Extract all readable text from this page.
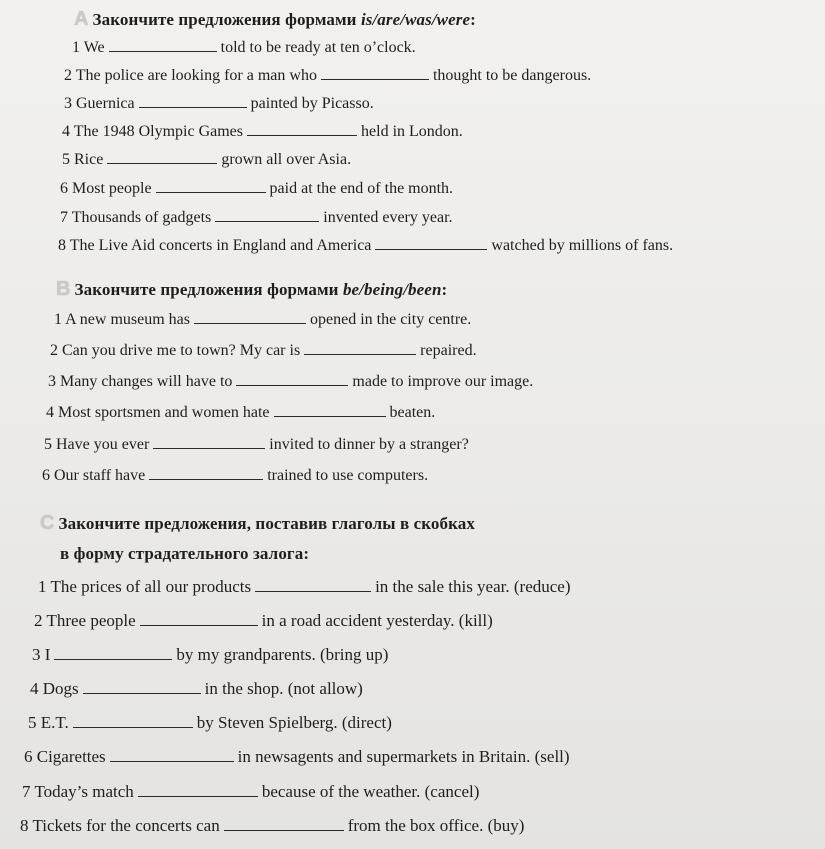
A Закончите предложения формами is/are/was/were:
1 We	told to be ready at ten o’clock.
2 The police are looking for a man who	thought to be dangerous.
3 Guernica	painted by Picasso.
4 The 1948 Olympic Games	held in London.
5 Rice	grown all over Asia.
6 Most people	paid at the end of the month.
7 Thousands of gadgets	invented every year.
8 The Live Aid concerts in England and America	watched by millions of fans.
B Закончите предложения формами be/being/been:
1 A new museum has	opened in the city centre.
2 Can you drive me to town? My car is	repaired.
3 Many changes will have to	made to improve our image.
4 Most sportsmen and women hate	beaten.
5 Have you ever	invited to dinner by a stranger?
6 Our staff have	trained to use computers.
C Закончите предложения, поставив глаголы в скобках
в форму страдательного залога:
1 The prices of all our products	in the sale this year. (reduce)
2 Three people	in a road accident yesterday. (kill)
3 I	by my grandparents. (bring up)
4 Dogs	in the shop. (not allow)
5 E.T.	by Steven Spielberg. (direct)
6 Cigarettes	in newsagents and supermarkets in Britain. (sell)
7 Today’s match	because of the weather. (cancel)
8 Tickets for the concerts can	from the box office. (buy)
